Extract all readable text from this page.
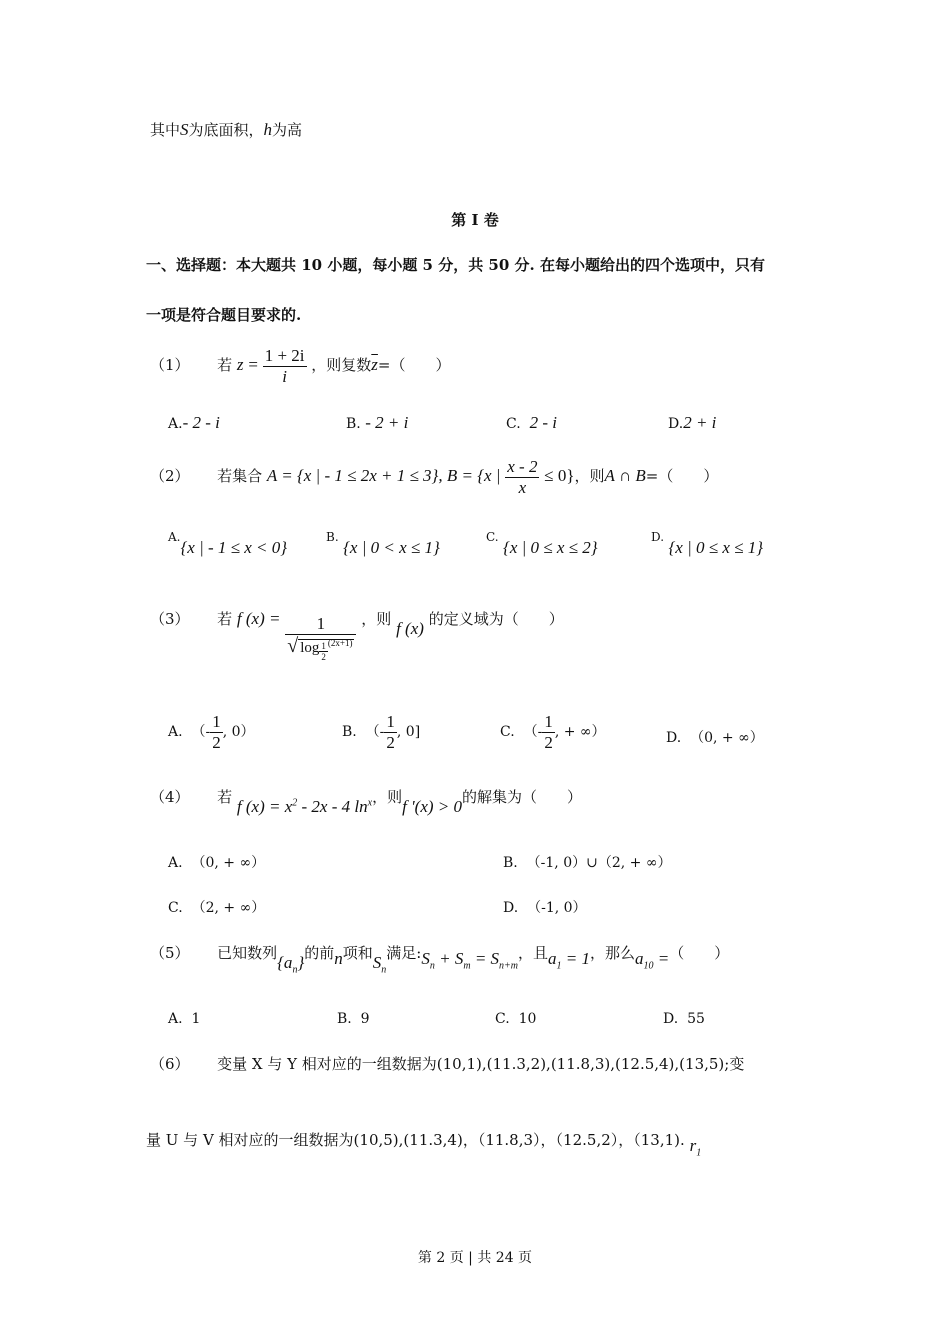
其中S为底面积，h为高
第 I 卷
一、选择题：本大题共 10 小题，每小题 5 分，共 50 分. 在每小题给出的四个选项中，只有
一项是符合题目要求的.
（1） 若 $z = \frac{1 + 2i}{i}$ ，则复数$\overline{z}=$（　　）
A.- 2 - i	B. - 2 + i	C. 2 - i	D.2 + i
（2） 若集合 A = {x | - 1 ≤ 2x + 1 ≤ 3}, B = {x | $\frac{x - 2}{x} \le 0$}，则A ∩ B=（　　）
A.{x | - 1 ≤ x < 0}
B. {x | 0 < x ≤ 1}
C. {x | 0 ≤ x ≤ 2}
D. {x | 0 ≤ x ≤ 1}
（3） 若 f $(x) = \frac{1}{√ \log \frac{1}{2} ^{(2x+1)}}$ ，则 f (x) 的定义域为（　　）
A. （- $\frac{1}{2}$ , 0）	B. （- $\frac{1}{2}$ , 0]	C. （- $\frac{1}{2}$ , + ∞）	D. （0, + ∞）
（4） 若 f $(x) = x^2 - 2x - 4$ $\ln^x$，则f '(x) > 0的解集为（　　）
A. （0, + ∞）	B. （-1, 0）∪（2, + ∞）
C. （2, + ∞）	D. （-1, 0）
（5） 已知数列$\{a_n\}$的前n项和$S_n$满足$:S_n + S_m = S_{n+m}$，且$a_1 = 1$，那么$a_{10}$ =（　　）
A. 1	B. 9	C. 10	D. 55
（6） 变量 X 与 Y 相对应的一组数据为(10,1),(11.3,2),(11.8,3),(12.5,4),(13,5);变
量 U 与 V 相对应的一组数据为(10,5),(11.3,4)，（11.8,3），（12.5,2），（13,1). $r_1$
第 2 页 | 共 24 页
